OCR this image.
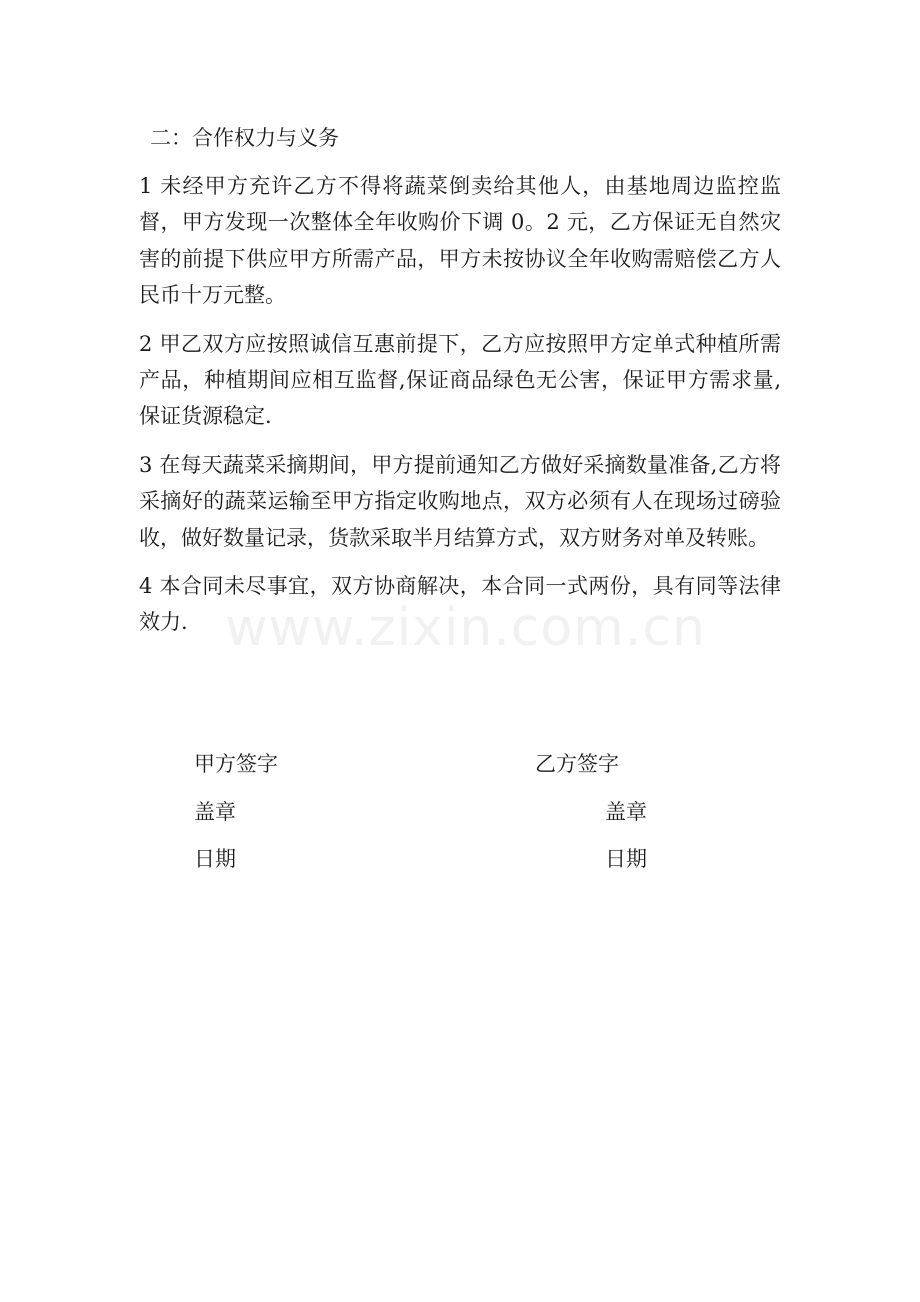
二：合作权力与义务

1 未经甲方充许乙方不得将蔬菜倒卖给其他人，由基地周边监控监督，甲方发现一次整体全年收购价下调 0。2 元，乙方保证无自然灾害的前提下供应甲方所需产品，甲方未按协议全年收购需赔偿乙方人民币十万元整。

2 甲乙双方应按照诚信互惠前提下，乙方应按照甲方定单式种植所需产品，种植期间应相互监督,保证商品绿色无公害，保证甲方需求量,保证货源稳定.

3 在每天蔬菜采摘期间，甲方提前通知乙方做好采摘数量准备,乙方将采摘好的蔬菜运输至甲方指定收购地点，双方必须有人在现场过磅验收，做好数量记录，货款采取半月结算方式，双方财务对单及转账。

4 本合同未尽事宜，双方协商解决，本合同一式两份，具有同等法律效力. www.zixin.com.cn
甲方签字	乙方签字
盖章	盖章
日期	日期
